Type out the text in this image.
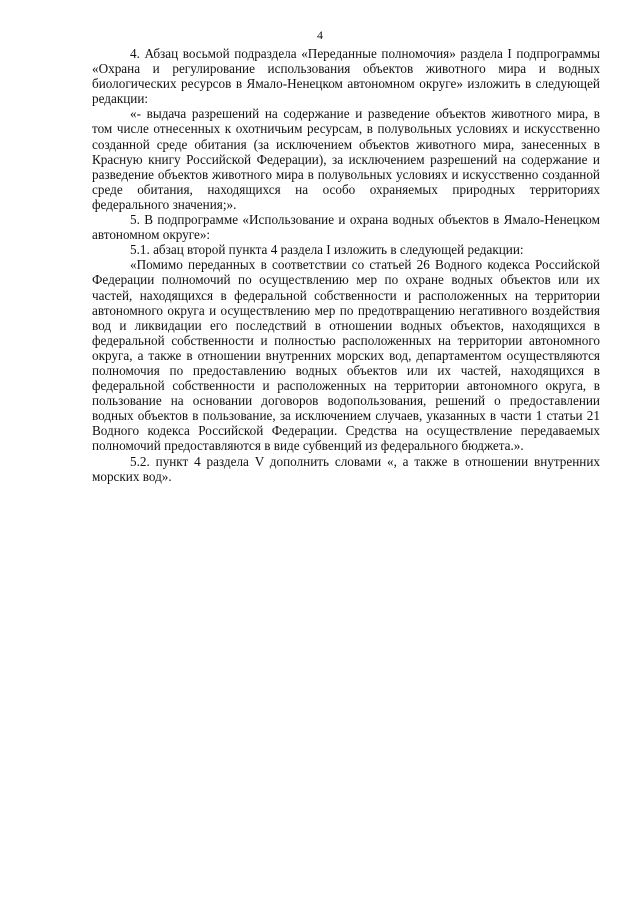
4

4. Абзац восьмой подраздела «Переданные полномочия» раздела I подпрограммы «Охрана и регулирование использования объектов животного мира и водных биологических ресурсов в Ямало-Ненецком автономном округе» изложить в следующей редакции:

«- выдача разрешений на содержание и разведение объектов животного мира, в том числе отнесенных к охотничьим ресурсам, в полувольных условиях и искусственно созданной среде обитания (за исключением объектов животного мира, занесенных в Красную книгу Российской Федерации), за исключением разрешений на содержание и разведение объектов животного мира в полувольных условиях и искусственно созданной среде обитания, находящихся на особо охраняемых природных территориях федерального значения;».

5. В подпрограмме «Использование и охрана водных объектов в Ямало-Ненецком автономном округе»:

5.1. абзац второй пункта 4 раздела I изложить в следующей редакции:

«Помимо переданных в соответствии со статьей 26 Водного кодекса Российской Федерации полномочий по осуществлению мер по охране водных объектов или их частей, находящихся в федеральной собственности и расположенных на территории автономного округа и осуществлению мер по предотвращению негативного воздействия вод и ликвидации его последствий в отношении водных объектов, находящихся в федеральной собственности и полностью расположенных на территории автономного округа, а также в отношении внутренних морских вод, департаментом осуществляются полномочия по предоставлению водных объектов или их частей, находящихся в федеральной собственности и расположенных на территории автономного округа, в пользование на основании договоров водопользования, решений о предоставлении водных объектов в пользование, за исключением случаев, указанных в части 1 статьи 21 Водного кодекса Российской Федерации. Средства на осуществление передаваемых полномочий предоставляются в виде субвенций из федерального бюджета.».

5.2. пункт 4 раздела V дополнить словами «, а также в отношении внутренних морских вод».
